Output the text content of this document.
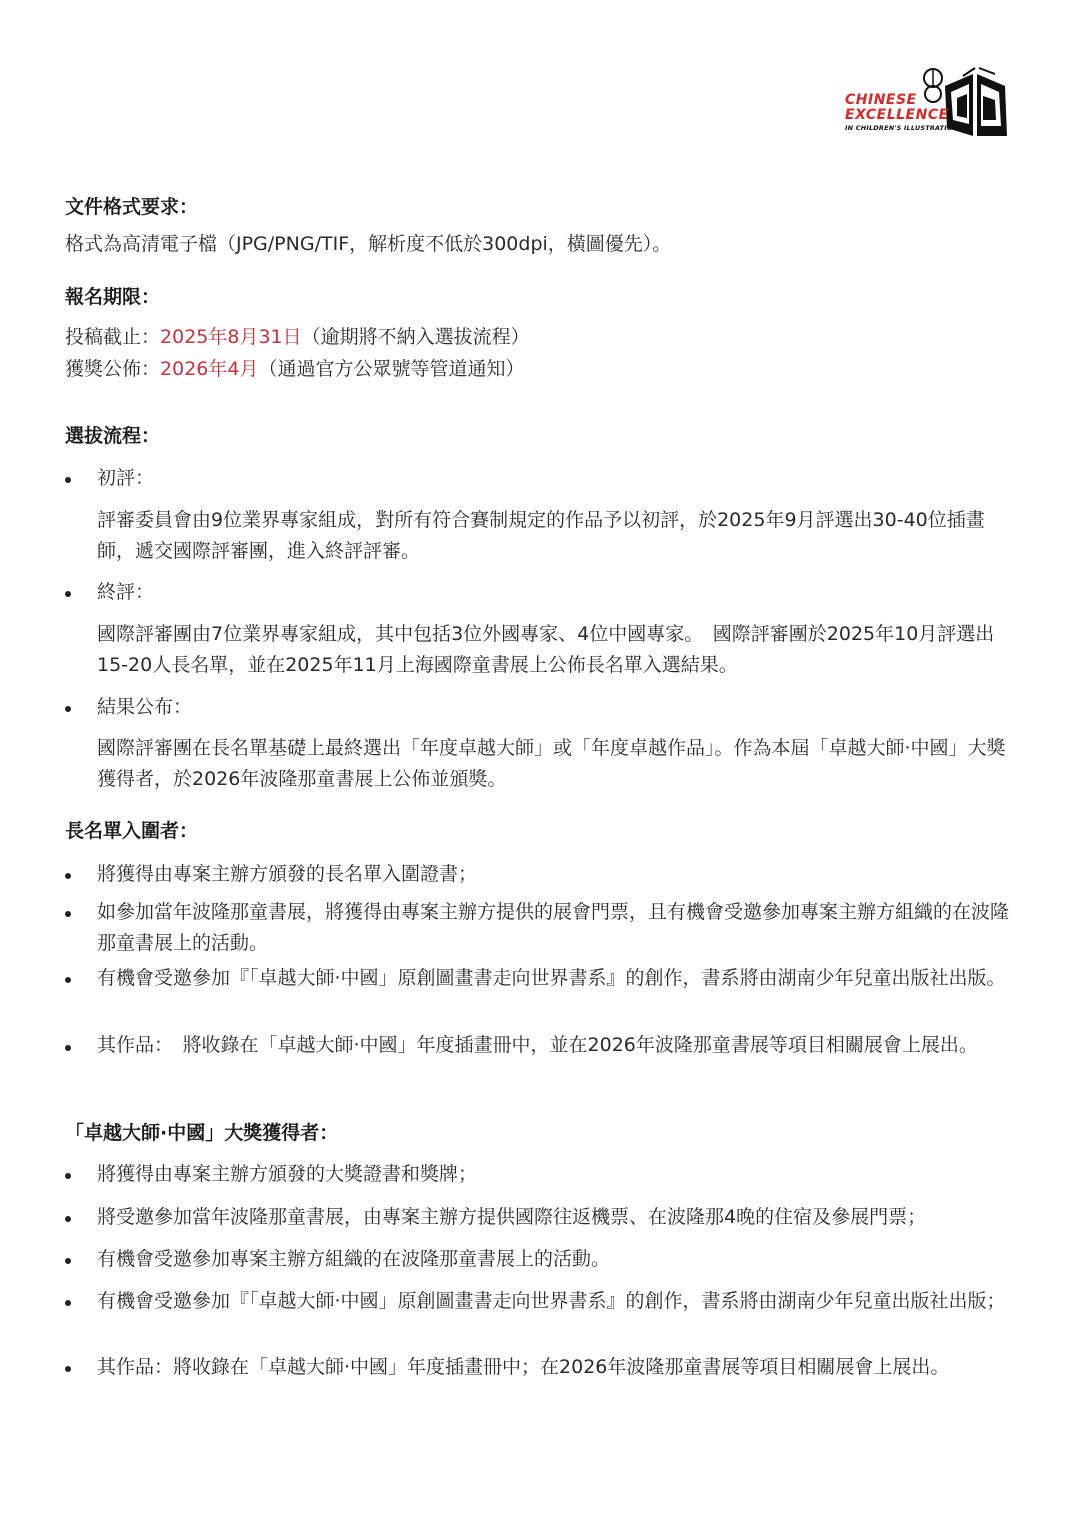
CHINESE
EXCELLENCE
IN CHILDREN'S ILLUSTRATION
文件格式要求：
格式為高清電子檔（JPG/PNG/TIF，解析度不低於300dpi，橫圖優先）。
報名期限：
投稿截止：2025年8月31日（逾期將不納入選拔流程）
獲獎公佈：2026年4月（通過官方公眾號等管道通知）
選拔流程：
初評：
評審委員會由9位業界專家組成，對所有符合賽制規定的作品予以初評，於2025年9月評選出30-40位插畫師，遞交國際評審團，進入終評評審。
終評：
國際評審團由7位業界專家組成，其中包括3位外國專家、4位中國專家。　國際評審團於2025年10月評選出15-20人長名單，並在2025年11月上海國際童書展上公佈長名單入選結果。
結果公布：
國際評審團在長名單基礎上最終選出「年度卓越大師」或「年度卓越作品」。作為本屆「卓越大師·中國」大獎獲得者，於2026年波隆那童書展上公佈並頒獎。
長名單入圍者：
將獲得由專案主辦方頒發的長名單入圍證書；
如參加當年波隆那童書展，將獲得由專案主辦方提供的展會門票，且有機會受邀參加專案主辦方組織的在波隆那童書展上的活動。
有機會受邀參加『「卓越大師·中國」原創圖畫書走向世界書系』的創作，書系將由湖南少年兒童出版社出版。
其作品：　將收錄在「卓越大師·中國」年度插畫冊中，並在2026年波隆那童書展等項目相關展會上展出。
「卓越大師·中國」大獎獲得者：
將獲得由專案主辦方頒發的大獎證書和獎牌；
將受邀參加當年波隆那童書展，由專案主辦方提供國際往返機票、在波隆那4晚的住宿及參展門票；
有機會受邀參加專案主辦方組織的在波隆那童書展上的活動。
有機會受邀參加『「卓越大師·中國」原創圖畫書走向世界書系』的創作，書系將由湖南少年兒童出版社出版；
其作品：將收錄在「卓越大師·中國」年度插畫冊中；在2026年波隆那童書展等項目相關展會上展出。
